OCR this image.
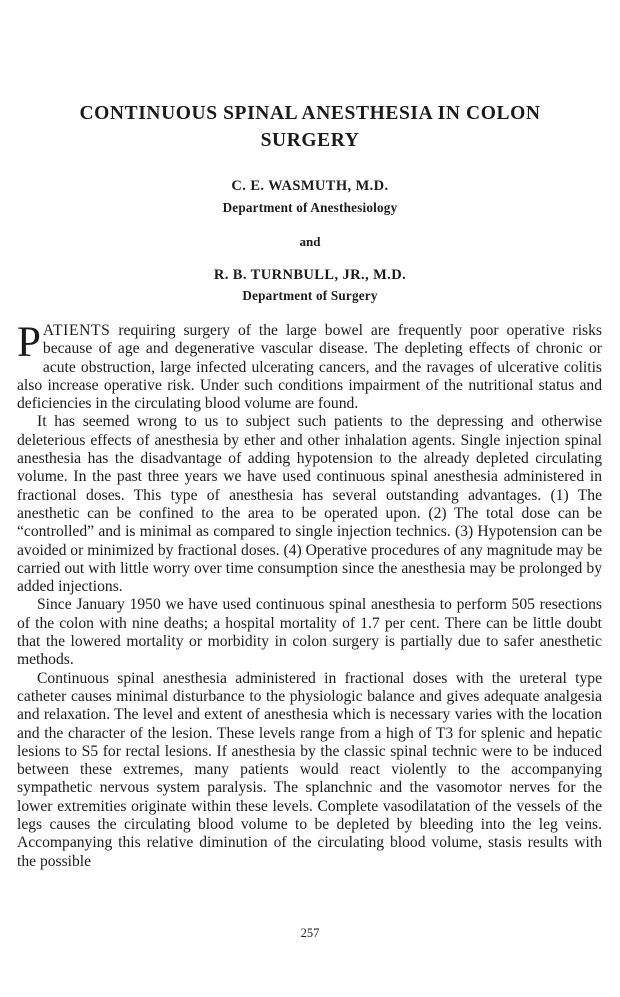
CONTINUOUS SPINAL ANESTHESIA IN COLON
SURGERY

C. E. WASMUTH, M.D.

Department of Anesthesiology

and

R. B. TURNBULL, JR., M.D.

Department of Surgery

PATIENTS requiring surgery of the large bowel are frequently poor operative risks because of age and degenerative vascular disease. The depleting effects of chronic or acute obstruction, large infected ulcerating cancers, and the ravages of ulcerative colitis also increase operative risk. Under such conditions impairment of the nutritional status and deficiencies in the circulating blood volume are found.

It has seemed wrong to us to subject such patients to the depressing and otherwise deleterious effects of anesthesia by ether and other inhalation agents. Single injection spinal anesthesia has the disadvantage of adding hypotension to the already depleted circulating volume. In the past three years we have used continuous spinal anesthesia administered in fractional doses. This type of anesthesia has several outstanding advantages. (1) The anesthetic can be confined to the area to be operated upon. (2) The total dose can be “controlled” and is minimal as compared to single injection technics. (3) Hypotension can be avoided or minimized by fractional doses. (4) Operative procedures of any magnitude may be carried out with little worry over time consumption since the anesthesia may be prolonged by added injections.

Since January 1950 we have used continuous spinal anesthesia to perform 505 resections of the colon with nine deaths; a hospital mortality of 1.7 per cent. There can be little doubt that the lowered mortality or morbidity in colon surgery is partially due to safer anesthetic methods.

Continuous spinal anesthesia administered in fractional doses with the ureteral type catheter causes minimal disturbance to the physiologic balance and gives adequate analgesia and relaxation. The level and extent of anesthesia which is necessary varies with the location and the character of the lesion. These levels range from a high of T3 for splenic and hepatic lesions to S5 for rectal lesions. If anesthesia by the classic spinal technic were to be induced between these extremes, many patients would react violently to the accompanying sympathetic nervous system paralysis. The splanchnic and the vasomotor nerves for the lower extremities originate within these levels. Complete vasodilatation of the vessels of the legs causes the circulating blood volume to be depleted by bleeding into the leg veins. Accompanying this relative diminution of the circulating blood volume, stasis results with the possible

257
